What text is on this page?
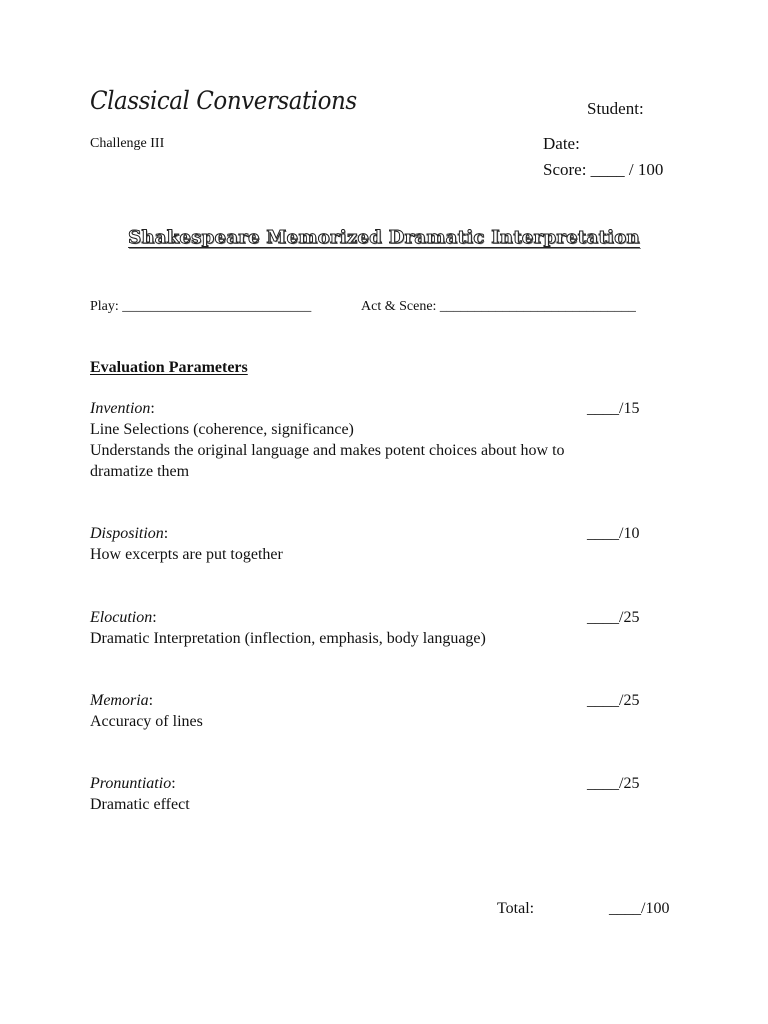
Classical Conversations	Student:
Challenge III	Date:
Score: ____ / 100
Shakespeare Memorized Dramatic Interpretation
Play: ___________________________	Act & Scene: ____________________________
Evaluation Parameters
Invention:	____/15
Line Selections (coherence, significance)
Understands the original language and makes potent choices about how to
dramatize them
Disposition:	____/10
How excerpts are put together
Elocution:	____/25
Dramatic Interpretation (inflection, emphasis, body language)
Memoria:	____/25
Accuracy of lines
Pronuntiatio:	____/25
Dramatic effect
Total:	____/100
